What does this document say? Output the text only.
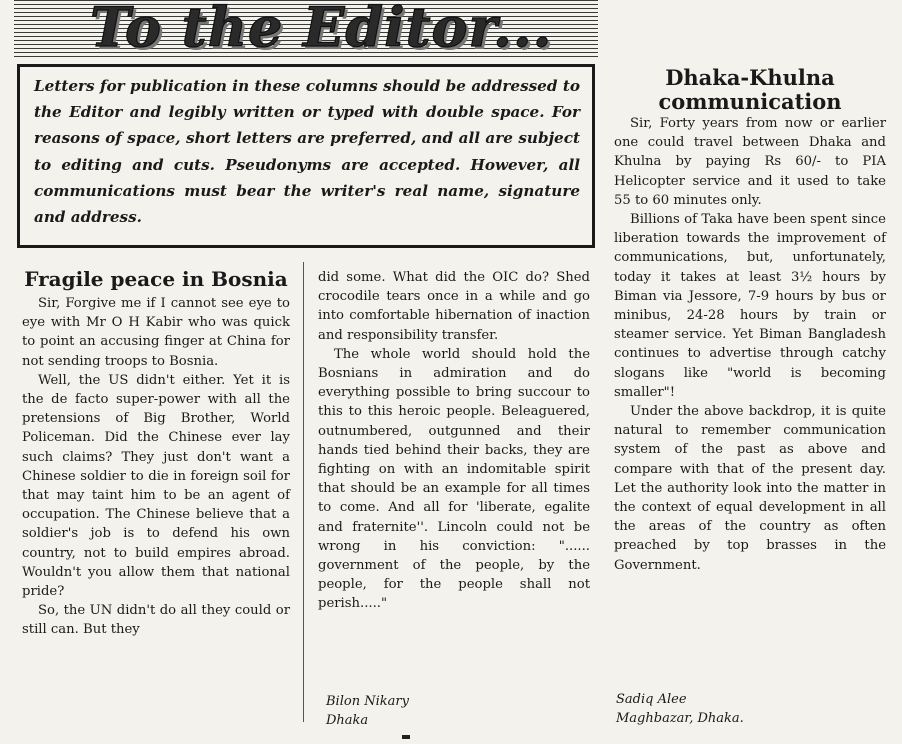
To the Editor...

Letters for publication in these columns should be addressed to the Editor and legibly written or typed with double space. For reasons of space, short letters are preferred, and all are subject to editing and cuts. Pseudonyms are accepted. However, all communications must bear the writer's real name, signature and address.

Fragile peace in Bosnia

Sir, Forgive me if I cannot see eye to eye with Mr O H Kabir who was quick to point an accusing finger at China for not sending troops to Bosnia.

Well, the US didn't either. Yet it is the de facto super-power with all the pretensions of Big Brother, World Policeman. Did the Chinese ever lay such claims? They just don't want a Chinese soldier to die in foreign soil for that may taint him to be an agent of occupation. The Chinese believe that a soldier's job is to defend his own country, not to build empires abroad. Wouldn't you allow them that national pride?

So, the UN didn't do all they could or still can. But they

did some. What did the OIC do? Shed crocodile tears once in a while and go into comfortable hibernation of inaction and responsibility transfer.

The whole world should hold the Bosnians in admiration and do everything possible to bring succour to this to this heroic people. Beleaguered, outnumbered, outgunned and their hands tied behind their backs, they are fighting on with an indomitable spirit that should be an example for all times to come. And all for 'liberate, egalite and fraternite''. Lincoln could not be wrong in his conviction: "...... government of the people, by the people, for the people shall not perish....."

Bilon Nikary
Dhaka
Dhaka-Khulna communication

Sir, Forty years from now or earlier one could travel between Dhaka and Khulna by paying Rs 60/- to PIA Helicopter service and it used to take 55 to 60 minutes only.

Billions of Taka have been spent since liberation towards the improvement of communications, but, unfortunately, today it takes at least 3½ hours by Biman via Jessore, 7-9 hours by bus or minibus, 24-28 hours by train or steamer service. Yet Biman Bangladesh continues to advertise through catchy slogans like "world is becoming smaller"!

Under the above backdrop, it is quite natural to remember communication system of the past as above and compare with that of the present day. Let the authority look into the matter in the context of equal development in all the areas of the country as often preached by top brasses in the Government.

Sadiq Alee
Maghbazar, Dhaka.
